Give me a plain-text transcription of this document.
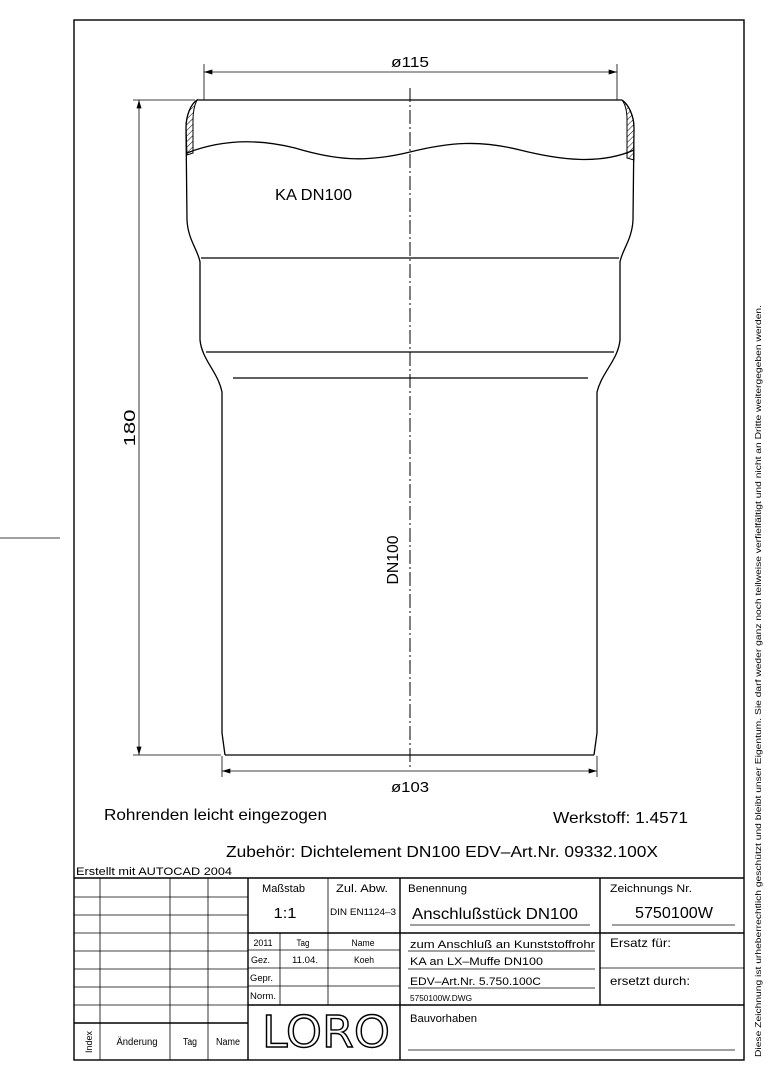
Diese Zeichnung ist urheberrechtlich geschützt und bleibt unser Eigentum. Sie darf weder ganz noch teilweise verfielfältigt und nicht an Dritte weitergegeben werden.
KA DN100
DN100
ø115
180
ø103
Rohrenden leicht eingezogen	Werkstoff: 1.4571
Zubehör: Dichtelement DN100 EDV–Art.Nr. 09332.100X
Erstellt mit AUTOCAD 2004
Index Änderung Tag Name
Maßstab
1:1
Zul. Abw.
DIN EN1124–3
2011	Tag	Name
Gez. 11.04.	Koeh
Gepr.
Norm.
LORO
Benennung
Anschlußstück DN100
zum Anschluß an Kunststoffrohr
KA an LX–Muffe DN100
EDV–Art.Nr. 5.750.100C
5750100W.DWG
Zeichnungs Nr.
5750100W
Ersatz für:
ersetzt durch:
Bauvorhaben
